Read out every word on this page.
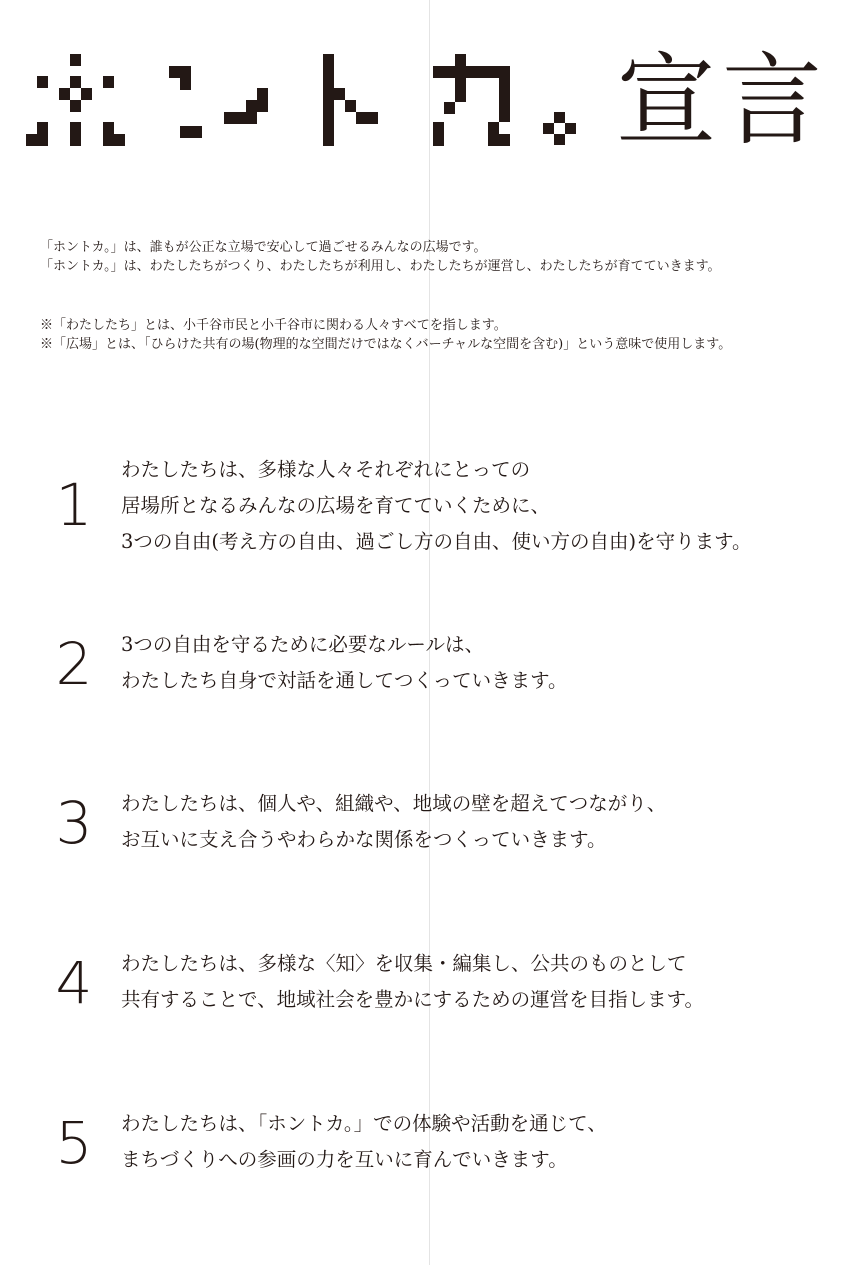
宣言
「ホントカ。」は、誰もが公正な立場で安心して過ごせるみんなの広場です。
「ホントカ。」は、わたしたちがつくり、わたしたちが利用し、わたしたちが運営し、わたしたちが育てていきます。
※「わたしたち」とは、小千谷市民と小千谷市に関わる人々すべてを指します。
※「広場」とは、「ひらけた共有の場(物理的な空間だけではなくバーチャルな空間を含む)」という意味で使用します。
1
わたしたちは、多様な人々それぞれにとっての
居場所となるみんなの広場を育てていくために、
3つの自由(考え方の自由、過ごし方の自由、使い方の自由)を守ります。
2	3つの自由を守るために必要なルールは、
わたしたち自身で対話を通してつくっていきます。
3	わたしたちは、個人や、組織や、地域の壁を超えてつながり、
お互いに支え合うやわらかな関係をつくっていきます。
4	わたしたちは、多様な〈知〉を収集・編集し、公共のものとして
共有することで、地域社会を豊かにするための運営を目指します。
5	わたしたちは、「ホントカ。」での体験や活動を通じて、
まちづくりへの参画の力を互いに育んでいきます。
